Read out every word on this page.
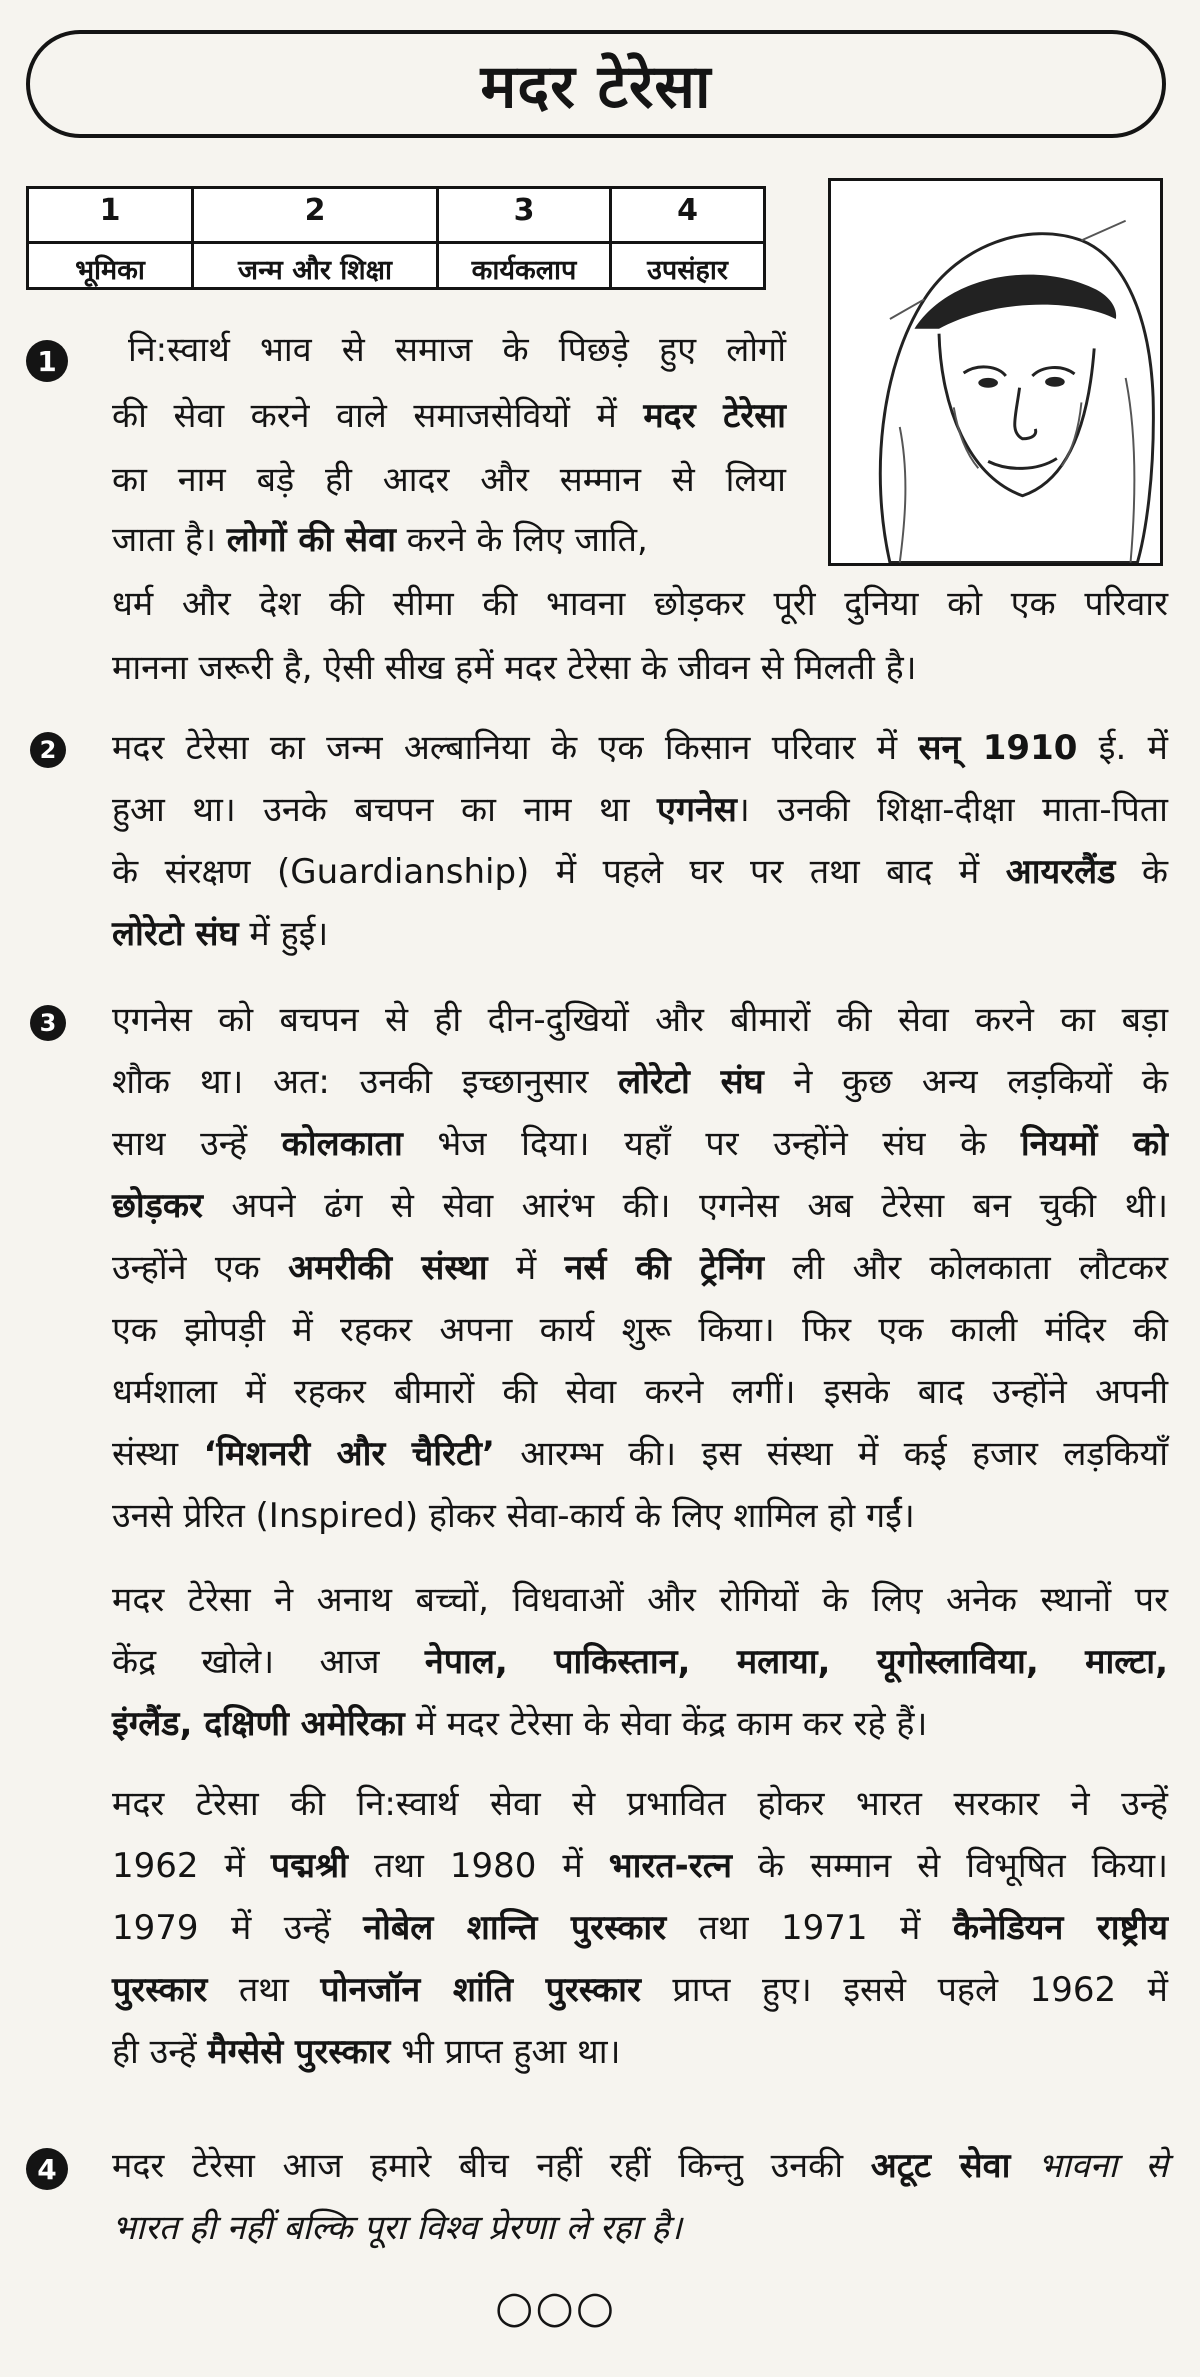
मदर टेरेसा
1
भूमिका
2
जन्म और शिक्षा
3
कार्यकलाप
4
उपसंहार
1
2
3
4
नि:स्वार्थ भाव से समाज के पिछड़े हुए लोगों
की सेवा करने वाले समाजसेवियों में मदर टेरेसा
का नाम बड़े ही आदर और सम्मान से लिया
जाता है। लोगों की सेवा करने के लिए जाति,
धर्म और देश की सीमा की भावना छोड़कर पूरी दुनिया को एक परिवार
मानना जरूरी है, ऐसी सीख हमें मदर टेरेसा के जीवन से मिलती है।
मदर टेरेसा का जन्म अल्बानिया के एक किसान परिवार में सन् 1910 ई. में
हुआ था। उनके बचपन का नाम था एगनेस। उनकी शिक्षा-दीक्षा माता-पिता
के संरक्षण (Guardianship) में पहले घर पर तथा बाद में आयरलैंड के
लोरेटो संघ में हुई।
एगनेस को बचपन से ही दीन-दुखियों और बीमारों की सेवा करने का बड़ा
शौक था। अत: उनकी इच्छानुसार लोरेटो संघ ने कुछ अन्य लड़कियों के
साथ उन्हें कोलकाता भेज दिया। यहाँ पर उन्होंने संघ के नियमों को
छोड़कर अपने ढंग से सेवा आरंभ की। एगनेस अब टेरेसा बन चुकी थी।
उन्होंने एक अमरीकी संस्था में नर्स की ट्रेनिंग ली और कोलकाता लौटकर
एक झोपड़ी में रहकर अपना कार्य शुरू किया। फिर एक काली मंदिर की
धर्मशाला में रहकर बीमारों की सेवा करने लगीं। इसके बाद उन्होंने अपनी
संस्था ‘मिशनरी और चैरिटी’ आरम्भ की। इस संस्था में कई हजार लड़कियाँ
उनसे प्रेरित (Inspired) होकर सेवा-कार्य के लिए शामिल हो गईं।
मदर टेरेसा ने अनाथ बच्चों, विधवाओं और रोगियों के लिए अनेक स्थानों पर
केंद्र खोले। आज नेपाल, पाकिस्तान, मलाया, यूगोस्लाविया, माल्टा,
इंग्लैंड, दक्षिणी अमेरिका में मदर टेरेसा के सेवा केंद्र काम कर रहे हैं।
मदर टेरेसा की नि:स्वार्थ सेवा से प्रभावित होकर भारत सरकार ने उन्हें
1962 में पद्मश्री तथा 1980 में भारत-रत्न के सम्मान से विभूषित किया।
1979 में उन्हें नोबेल शान्ति पुरस्कार तथा 1971 में कैनेडियन राष्ट्रीय
पुरस्कार तथा पोनजॉन शांति पुरस्कार प्राप्त हुए। इससे पहले 1962 में
ही उन्हें मैग्सेसे पुरस्कार भी प्राप्त हुआ था।
मदर टेरेसा आज हमारे बीच नहीं रहीं किन्तु उनकी अटूट सेवा भावना से
भारत ही नहीं बल्कि पूरा विश्व प्रेरणा ले रहा है।
○○○
